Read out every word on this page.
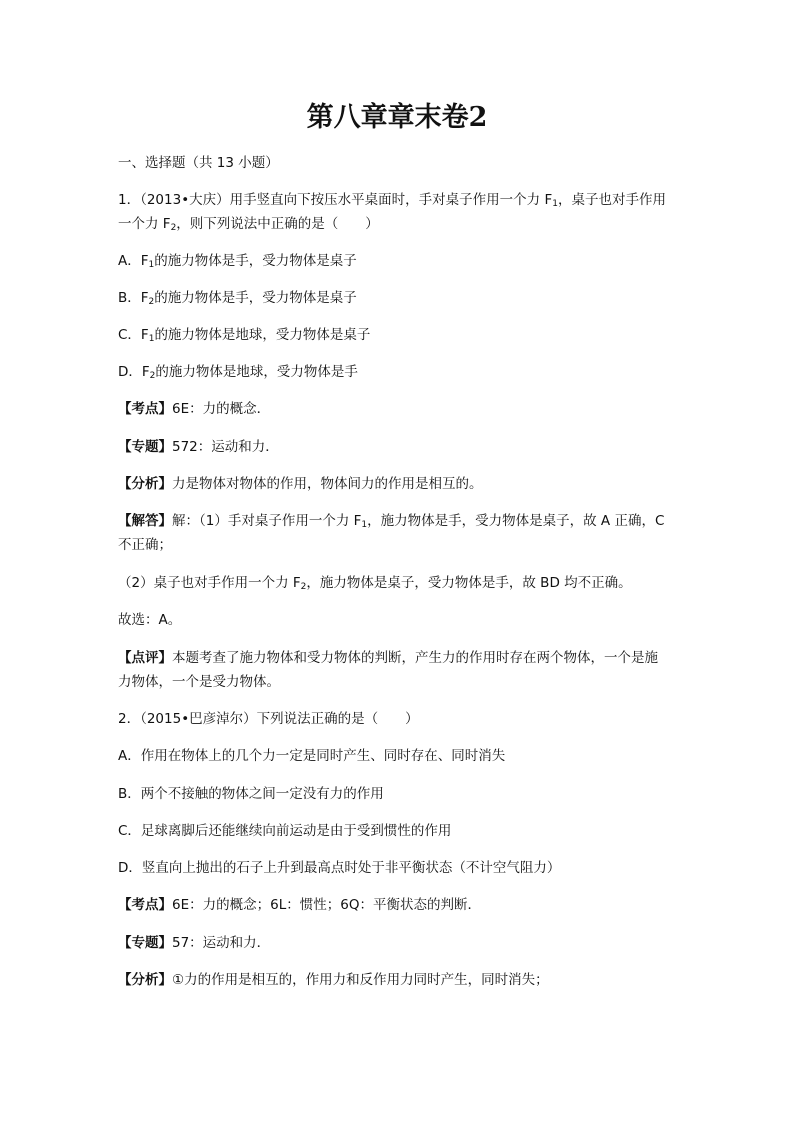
第八章章末卷2

一、选择题（共 13 小题）

1．（2013•大庆）用手竖直向下按压水平桌面时，手对桌子作用一个力 $F_1$，桌子也对手作用

一个力 $F_2$，则下列说法中正确的是（　　）

A．$F_1$的施力物体是手，受力物体是桌子

B．$F_2$的施力物体是手，受力物体是桌子

C．$F_1$的施力物体是地球，受力物体是桌子

D．$F_2$的施力物体是地球，受力物体是手

【考点】6E：力的概念．

【专题】572：运动和力．

【分析】力是物体对物体的作用，物体间力的作用是相互的。

【解答】解：（1）手对桌子作用一个力 $F_1$，施力物体是手，受力物体是桌子，故 A 正确，C

不正确；

（2）桌子也对手作用一个力 $F_2$，施力物体是桌子，受力物体是手，故 BD 均不正确。

故选：A。

【点评】本题考查了施力物体和受力物体的判断，产生力的作用时存在两个物体，一个是施

力物体，一个是受力物体。

2．（2015•巴彦淖尔）下列说法正确的是（　　）

A．作用在物体上的几个力一定是同时产生、同时存在、同时消失

B．两个不接触的物体之间一定没有力的作用

C．足球离脚后还能继续向前运动是由于受到惯性的作用

D．竖直向上抛出的石子上升到最高点时处于非平衡状态（不计空气阻力）

【考点】6E：力的概念；6L：惯性；6Q：平衡状态的判断．

【专题】57：运动和力．

【分析】①力的作用是相互的，作用力和反作用力同时产生，同时消失；
